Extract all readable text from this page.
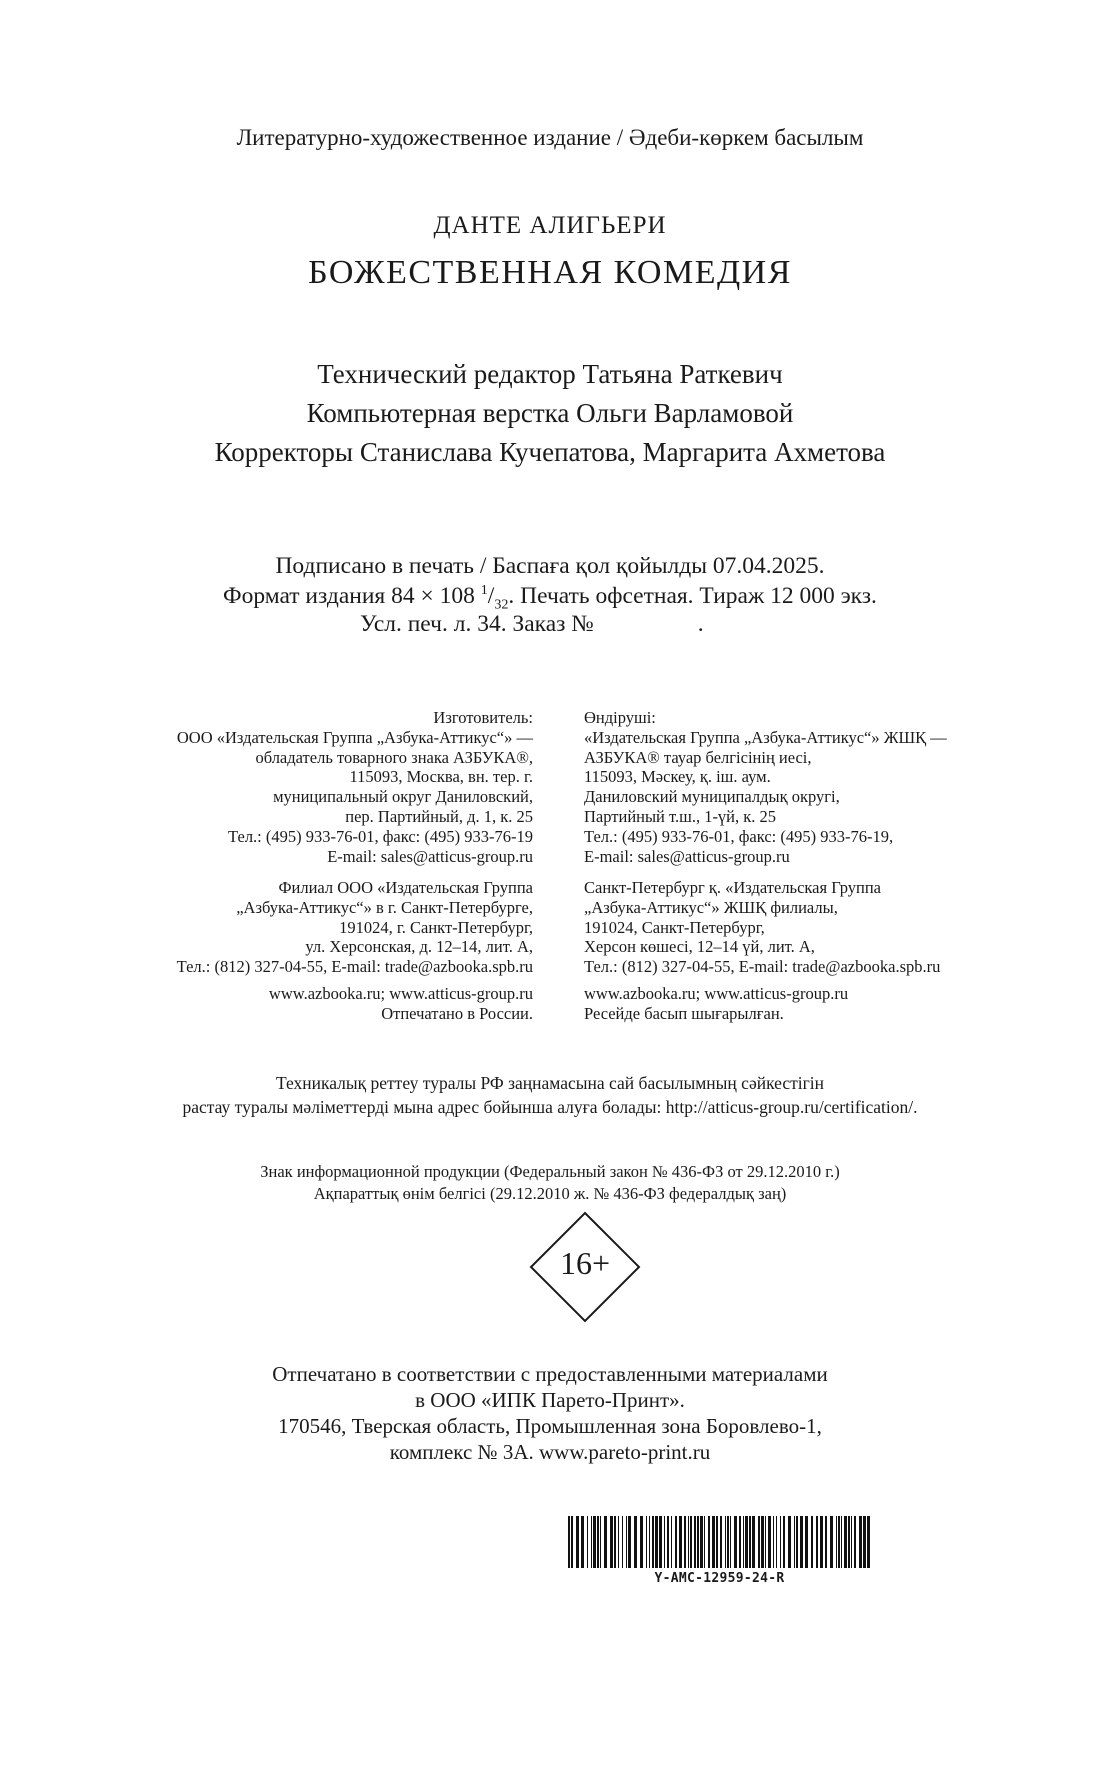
Литературно-художественное издание / Әдеби-көркем басылым
ДАНТЕ АЛИГЬЕРИ
БОЖЕСТВЕННАЯ КОМЕДИЯ
Технический редактор Татьяна Раткевич
Компьютерная верстка Ольги Варламовой
Корректоры Станислава Кучепатова, Маргарита Ахметова
Подписано в печать / Баспаға қол қойылды 07.04.2025.
Формат издания 84 × 108 $^1/_{32}$. Печать офсетная. Тираж 12 000 экз.
Усл. печ. л. 34. Заказ №	.
Изготовитель:
ООО «Издательская Группа „Азбука-Аттикус“» —
обладатель товарного знака АЗБУКА®,
115093, Москва, вн. тер. г.
муниципальный округ Даниловский,
пер. Партийный, д. 1, к. 25
Тел.: (495) 933-76-01, факс: (495) 933-76-19
E-mail: sales@atticus-group.ru
Филиал ООО «Издательская Группа
„Азбука-Аттикус“» в г. Санкт-Петербурге,
191024, г. Санкт-Петербург,
ул. Херсонская, д. 12–14, лит. А,
Тел.: (812) 327-04-55, E-mail: trade@azbooka.spb.ru
www.azbooka.ru; www.atticus-group.ru
Отпечатано в России.
Өндіруші:
«Издательская Группа „Азбука-Аттикус“» ЖШҚ —
АЗБУКА® тауар белгісінің иесі,
115093, Мәскеу, қ. іш. аум.
Даниловский муниципалдық округі,
Партийный т.ш., 1-үй, к. 25
Тел.: (495) 933-76-01, факс: (495) 933-76-19,
E-mail: sales@atticus-group.ru
Санкт-Петербург қ. «Издательская Группа
„Азбука-Аттикус“» ЖШҚ филиалы,
191024, Санкт-Петербург,
Херсон көшесі, 12–14 үй, лит. А,
Тел.: (812) 327-04-55, E-mail: trade@azbooka.spb.ru
www.azbooka.ru; www.atticus-group.ru
Ресейде басып шығарылған.
Техникалық реттеу туралы РФ заңнамасына сай басылымның сәйкестігін
растау туралы мәліметтерді мына адрес бойынша алуға болады: http://atticus-group.ru/certification/.
Знак информационной продукции (Федеральный закон № 436-ФЗ от 29.12.2010 г.)
Ақпараттық өнім белгісі (29.12.2010 ж. № 436-ФЗ федералдық заң)
16+
Отпечатано в соответствии с предоставленными материалами
в ООО «ИПК Парето-Принт».
170546, Тверская область, Промышленная зона Боровлево-1,
комплекс № 3А. www.pareto-print.ru
Y-AMC-12959-24-R
